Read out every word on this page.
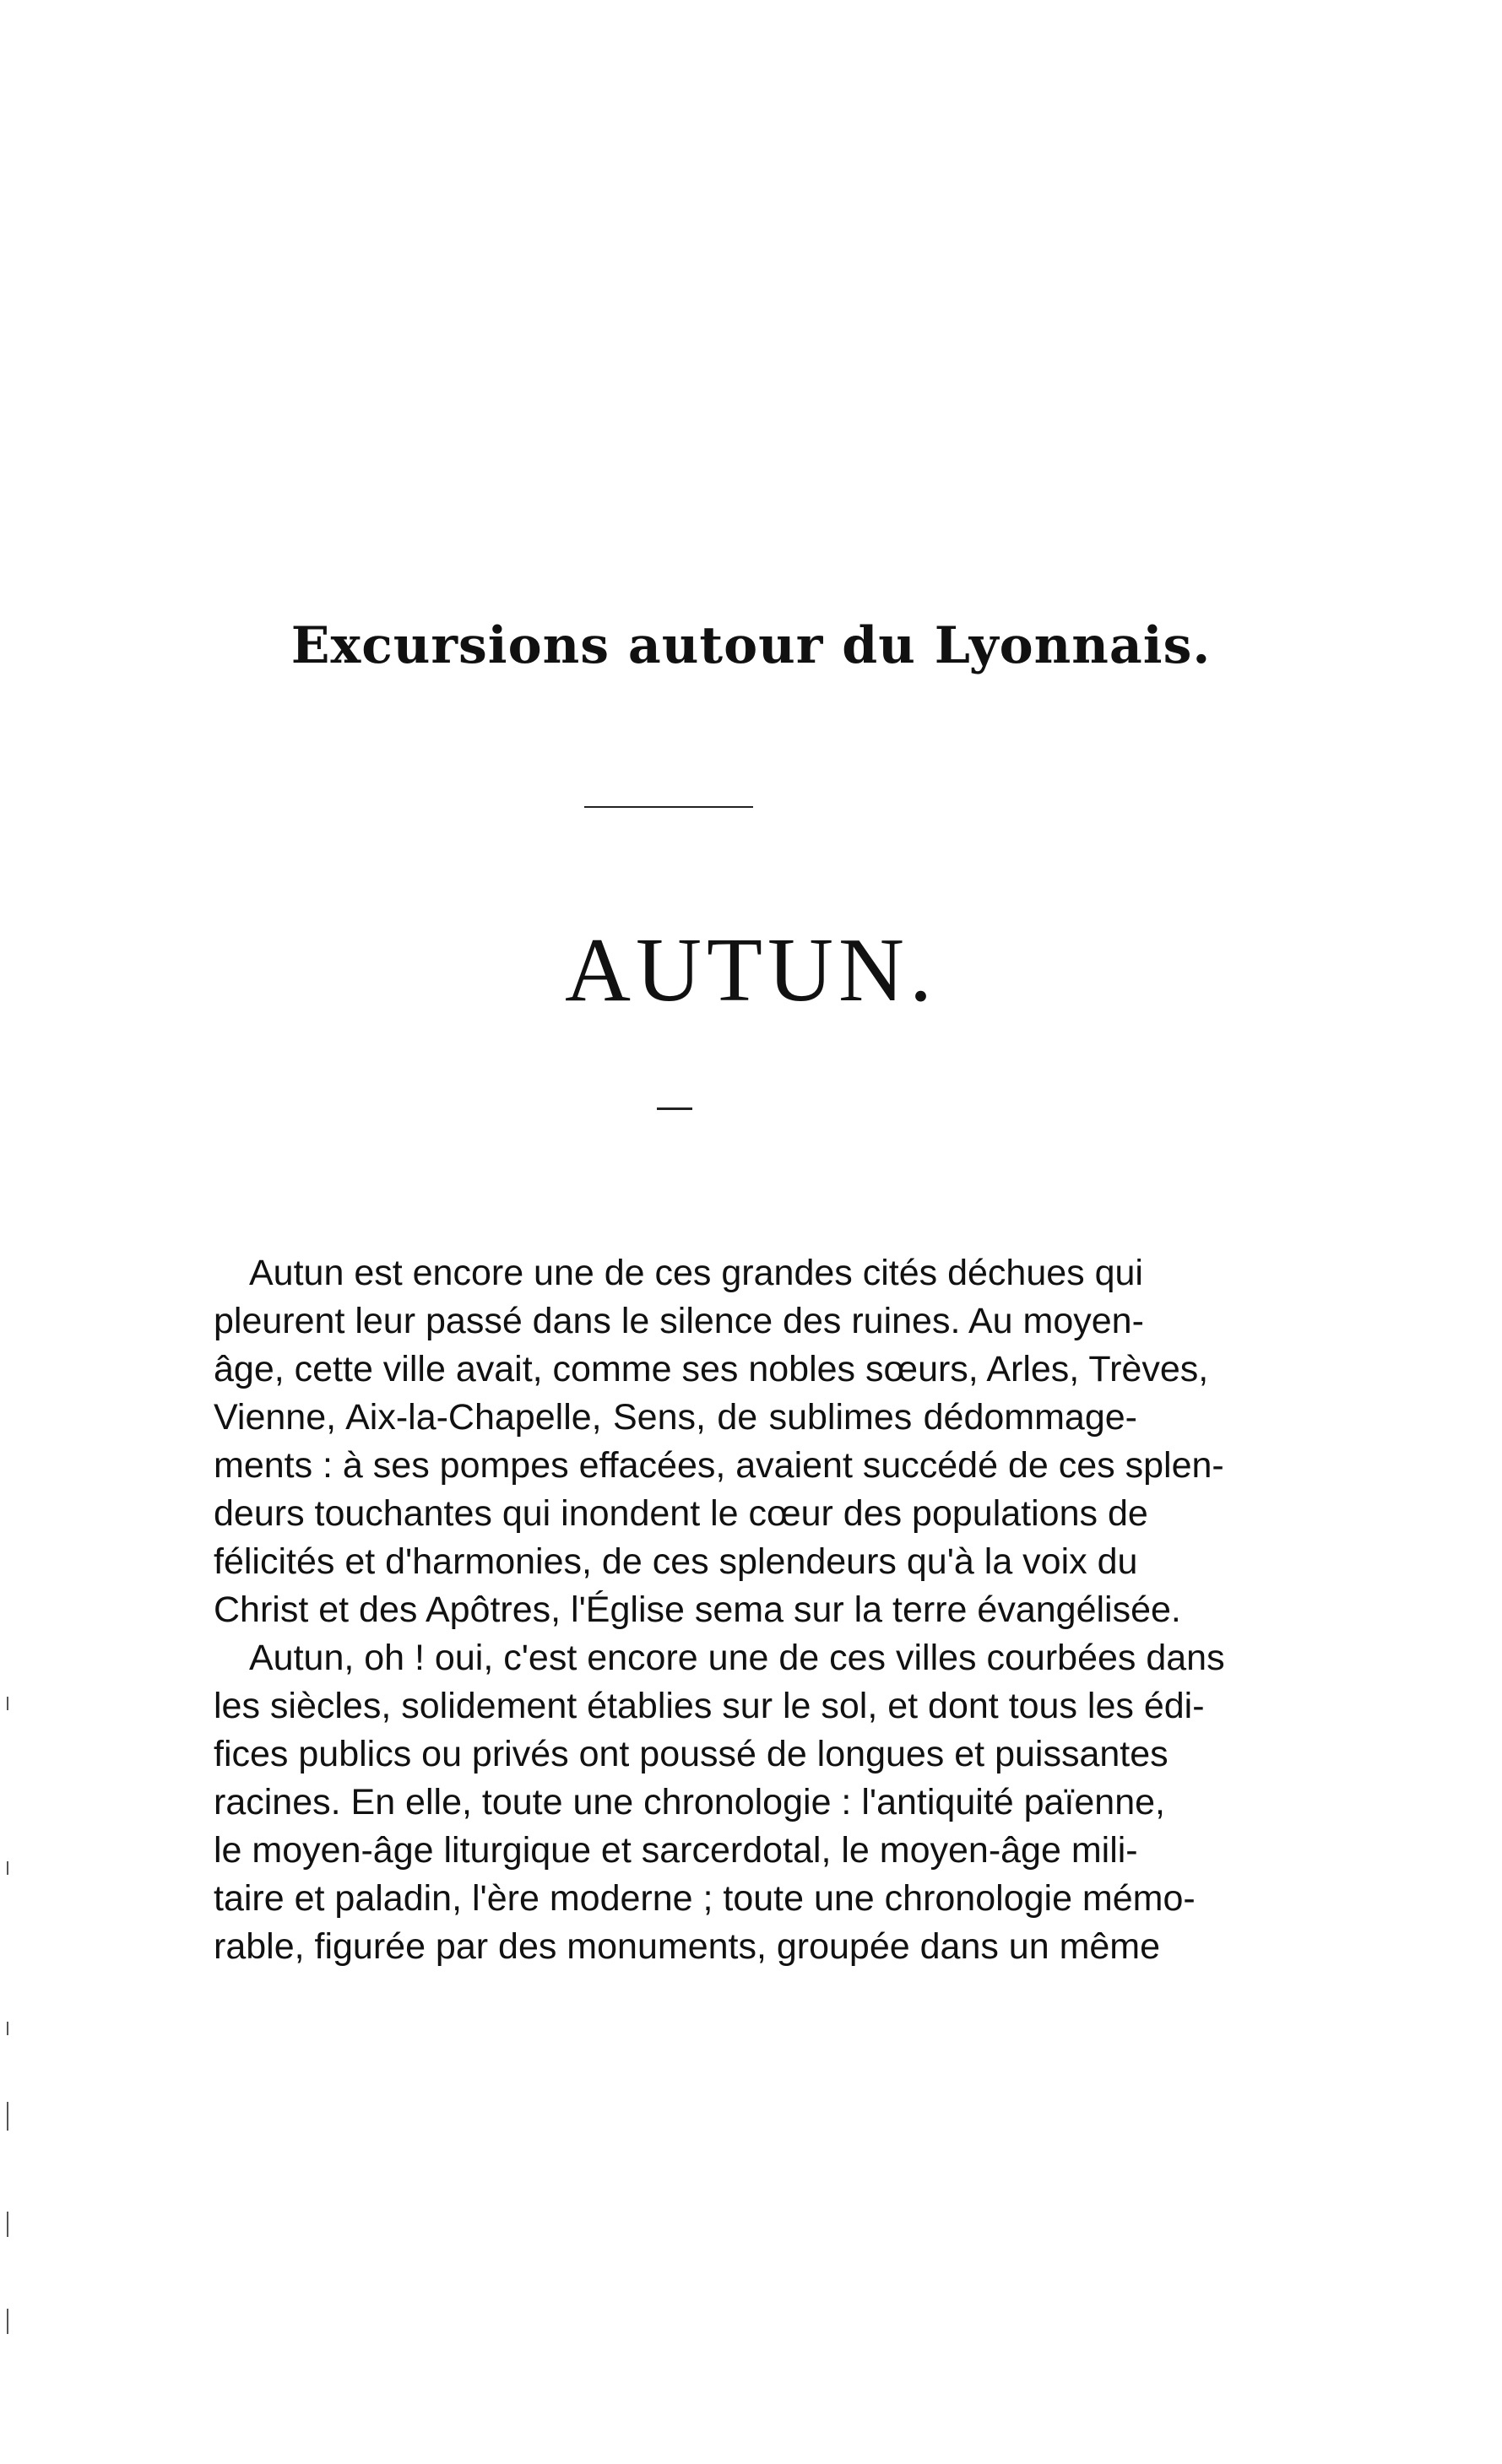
Excursions autour du Lyonnais.
AUTUN.
Autun est encore une de ces grandes cités déchues qui
pleurent leur passé dans le silence des ruines. Au moyen-
âge, cette ville avait, comme ses nobles sœurs, Arles, Trèves,
Vienne, Aix-la-Chapelle, Sens, de sublimes dédommage-
ments : à ses pompes effacées, avaient succédé de ces splen-
deurs touchantes qui inondent le cœur des populations de
félicités et d'harmonies, de ces splendeurs qu'à la voix du
Christ et des Apôtres, l'Église sema sur la terre évangélisée.
Autun, oh ! oui, c'est encore une de ces villes courbées dans
les siècles, solidement établies sur le sol, et dont tous les édi-
fices publics ou privés ont poussé de longues et puissantes
racines. En elle, toute une chronologie : l'antiquité païenne,
le moyen-âge liturgique et sarcerdotal, le moyen-âge mili-
taire et paladin, l'ère moderne ; toute une chronologie mémo-
rable, figurée par des monuments, groupée dans un même
